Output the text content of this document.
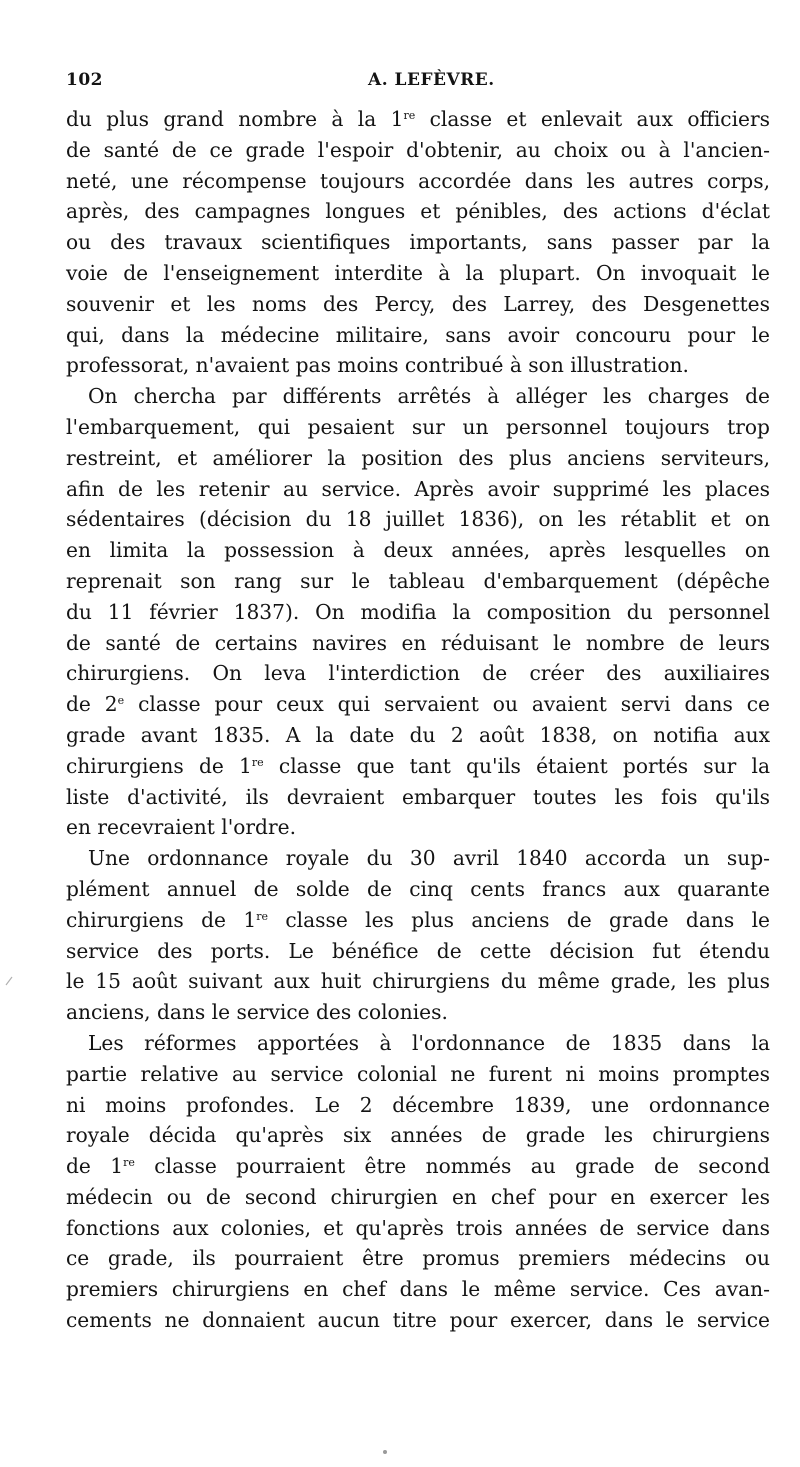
102	A. LEFÈVRE.
du plus grand nombre à la 1re classe et enlevait aux officiers
de santé de ce grade l'espoir d'obtenir, au choix ou à l'ancien-
neté, une récompense toujours accordée dans les autres corps,
après, des campagnes longues et pénibles, des actions d'éclat
ou des travaux scientifiques importants, sans passer par la
voie de l'enseignement interdite à la plupart. On invoquait le
souvenir et les noms des Percy, des Larrey, des Desgenettes
qui, dans la médecine militaire, sans avoir concouru pour le
professorat, n'avaient pas moins contribué à son illustration.
On chercha par différents arrêtés à alléger les charges de
l'embarquement, qui pesaient sur un personnel toujours trop
restreint, et améliorer la position des plus anciens serviteurs,
afin de les retenir au service. Après avoir supprimé les places
sédentaires (décision du 18 juillet 1836), on les rétablit et on
en limita la possession à deux années, après lesquelles on
reprenait son rang sur le tableau d'embarquement (dépêche
du 11 février 1837). On modifia la composition du personnel
de santé de certains navires en réduisant le nombre de leurs
chirurgiens. On leva l'interdiction de créer des auxiliaires
de 2e classe pour ceux qui servaient ou avaient servi dans ce
grade avant 1835. A la date du 2 août 1838, on notifia aux
chirurgiens de 1re classe que tant qu'ils étaient portés sur la
liste d'activité, ils devraient embarquer toutes les fois qu'ils
en recevraient l'ordre.
Une ordonnance royale du 30 avril 1840 accorda un sup-
plément annuel de solde de cinq cents francs aux quarante
chirurgiens de 1re classe les plus anciens de grade dans le
service des ports. Le bénéfice de cette décision fut étendu
le 15 août suivant aux huit chirurgiens du même grade, les plus
anciens, dans le service des colonies.
Les réformes apportées à l'ordonnance de 1835 dans la
partie relative au service colonial ne furent ni moins promptes
ni moins profondes. Le 2 décembre 1839, une ordonnance
royale décida qu'après six années de grade les chirurgiens
de 1re classe pourraient être nommés au grade de second
médecin ou de second chirurgien en chef pour en exercer les
fonctions aux colonies, et qu'après trois années de service dans
ce grade, ils pourraient être promus premiers médecins ou
premiers chirurgiens en chef dans le même service. Ces avan-
cements ne donnaient aucun titre pour exercer, dans le service
